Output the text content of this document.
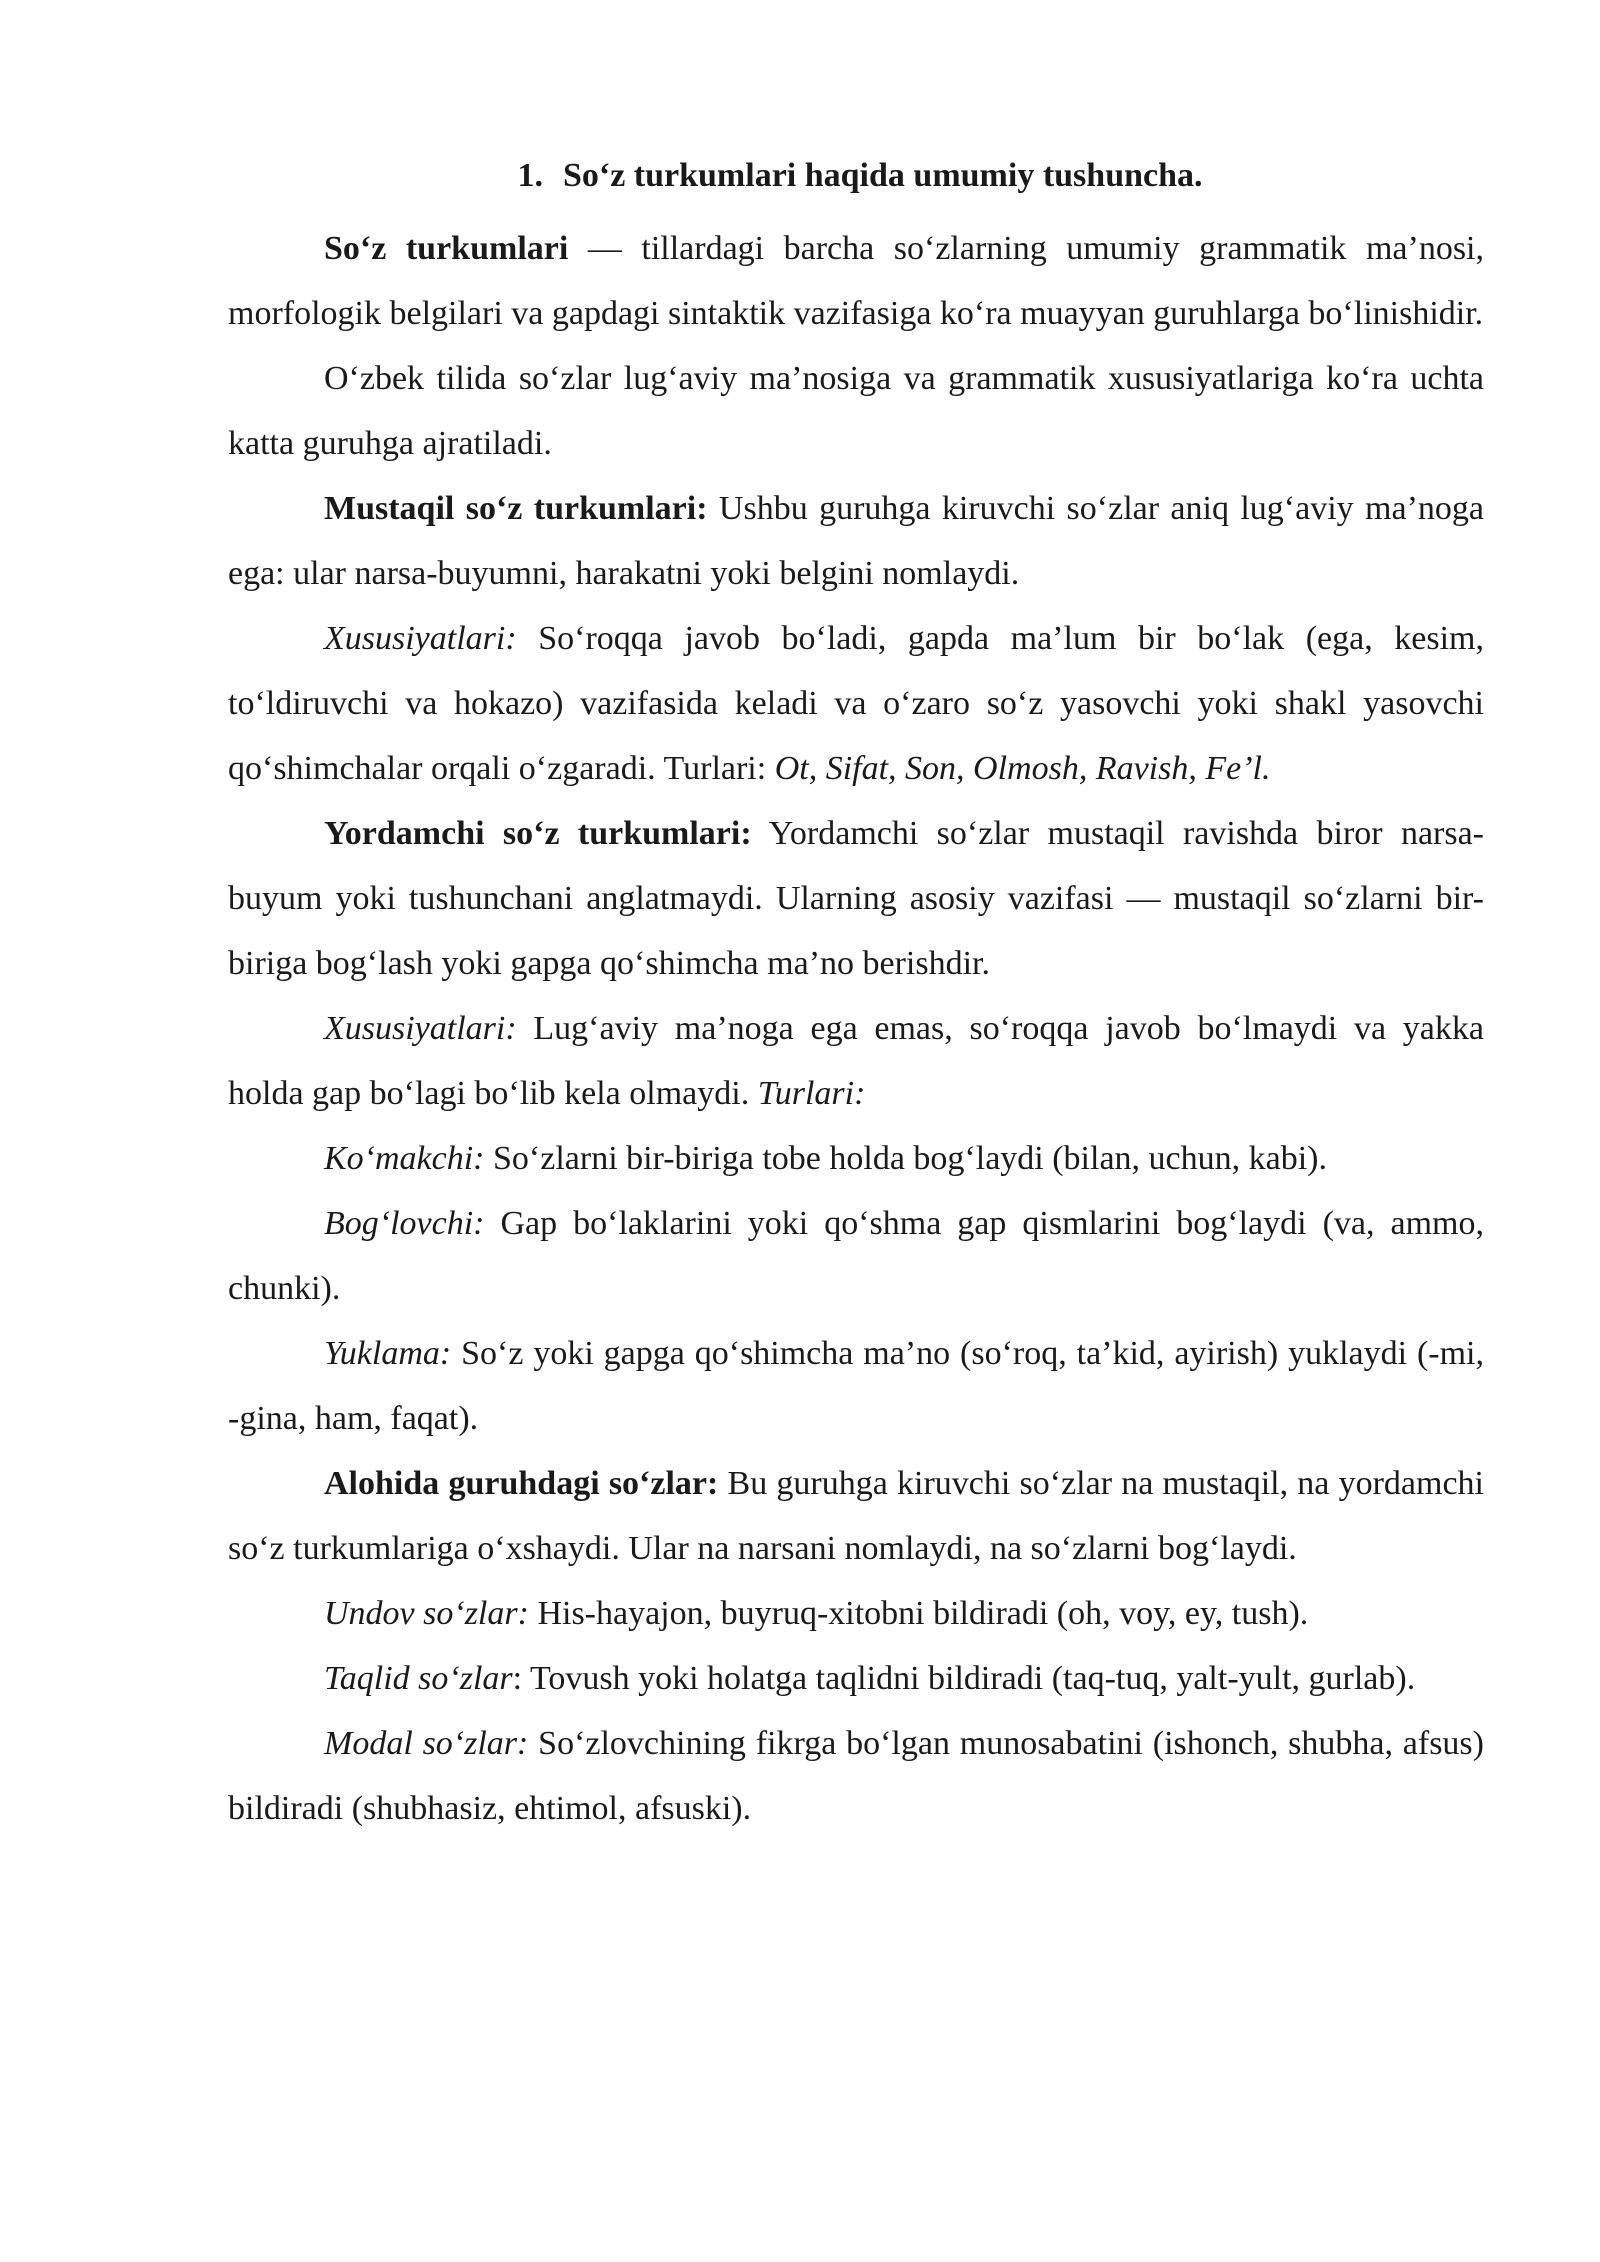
1. So‘z turkumlari haqida umumiy tushuncha.

So‘z turkumlari — tillardagi barcha so‘zlarning umumiy grammatik ma’nosi, morfologik belgilari va gapdagi sintaktik vazifasiga ko‘ra muayyan guruhlarga bo‘linishidir.

O‘zbek tilida so‘zlar lug‘aviy ma’nosiga va grammatik xususiyatlariga ko‘ra uchta katta guruhga ajratiladi.

Mustaqil so‘z turkumlari: Ushbu guruhga kiruvchi so‘zlar aniq lug‘aviy ma’noga ega: ular narsa-buyumni, harakatni yoki belgini nomlaydi.

Xususiyatlari: So‘roqqa javob bo‘ladi, gapda ma’lum bir bo‘lak (ega, kesim, to‘ldiruvchi va hokazo) vazifasida keladi va o‘zaro so‘z yasovchi yoki shakl yasovchi qo‘shimchalar orqali o‘zgaradi. Turlari: Ot, Sifat, Son, Olmosh, Ravish, Fe’l.

Yordamchi so‘z turkumlari: Yordamchi so‘zlar mustaqil ravishda biror narsa-buyum yoki tushunchani anglatmaydi. Ularning asosiy vazifasi — mustaqil so‘zlarni bir-biriga bog‘lash yoki gapga qo‘shimcha ma’no berishdir.

Xususiyatlari: Lug‘aviy ma’noga ega emas, so‘roqqa javob bo‘lmaydi va yakka holda gap bo‘lagi bo‘lib kela olmaydi. Turlari:

Ko‘makchi: So‘zlarni bir-biriga tobe holda bog‘laydi (bilan, uchun, kabi).

Bog‘lovchi: Gap bo‘laklarini yoki qo‘shma gap qismlarini bog‘laydi (va, ammo, chunki).

Yuklama: So‘z yoki gapga qo‘shimcha ma’no (so‘roq, ta’kid, ayirish) yuklaydi (-mi, -gina, ham, faqat).

Alohida guruhdagi so‘zlar: Bu guruhga kiruvchi so‘zlar na mustaqil, na yordamchi so‘z turkumlariga o‘xshaydi. Ular na narsani nomlaydi, na so‘zlarni bog‘laydi.

Undov so‘zlar: His-hayajon, buyruq-xitobni bildiradi (oh, voy, ey, tush).

Taqlid so‘zlar: Tovush yoki holatga taqlidni bildiradi (taq-tuq, yalt-yult, gurlab).

Modal so‘zlar: So‘zlovchining fikrga bo‘lgan munosabatini (ishonch, shubha, afsus) bildiradi (shubhasiz, ehtimol, afsuski).
